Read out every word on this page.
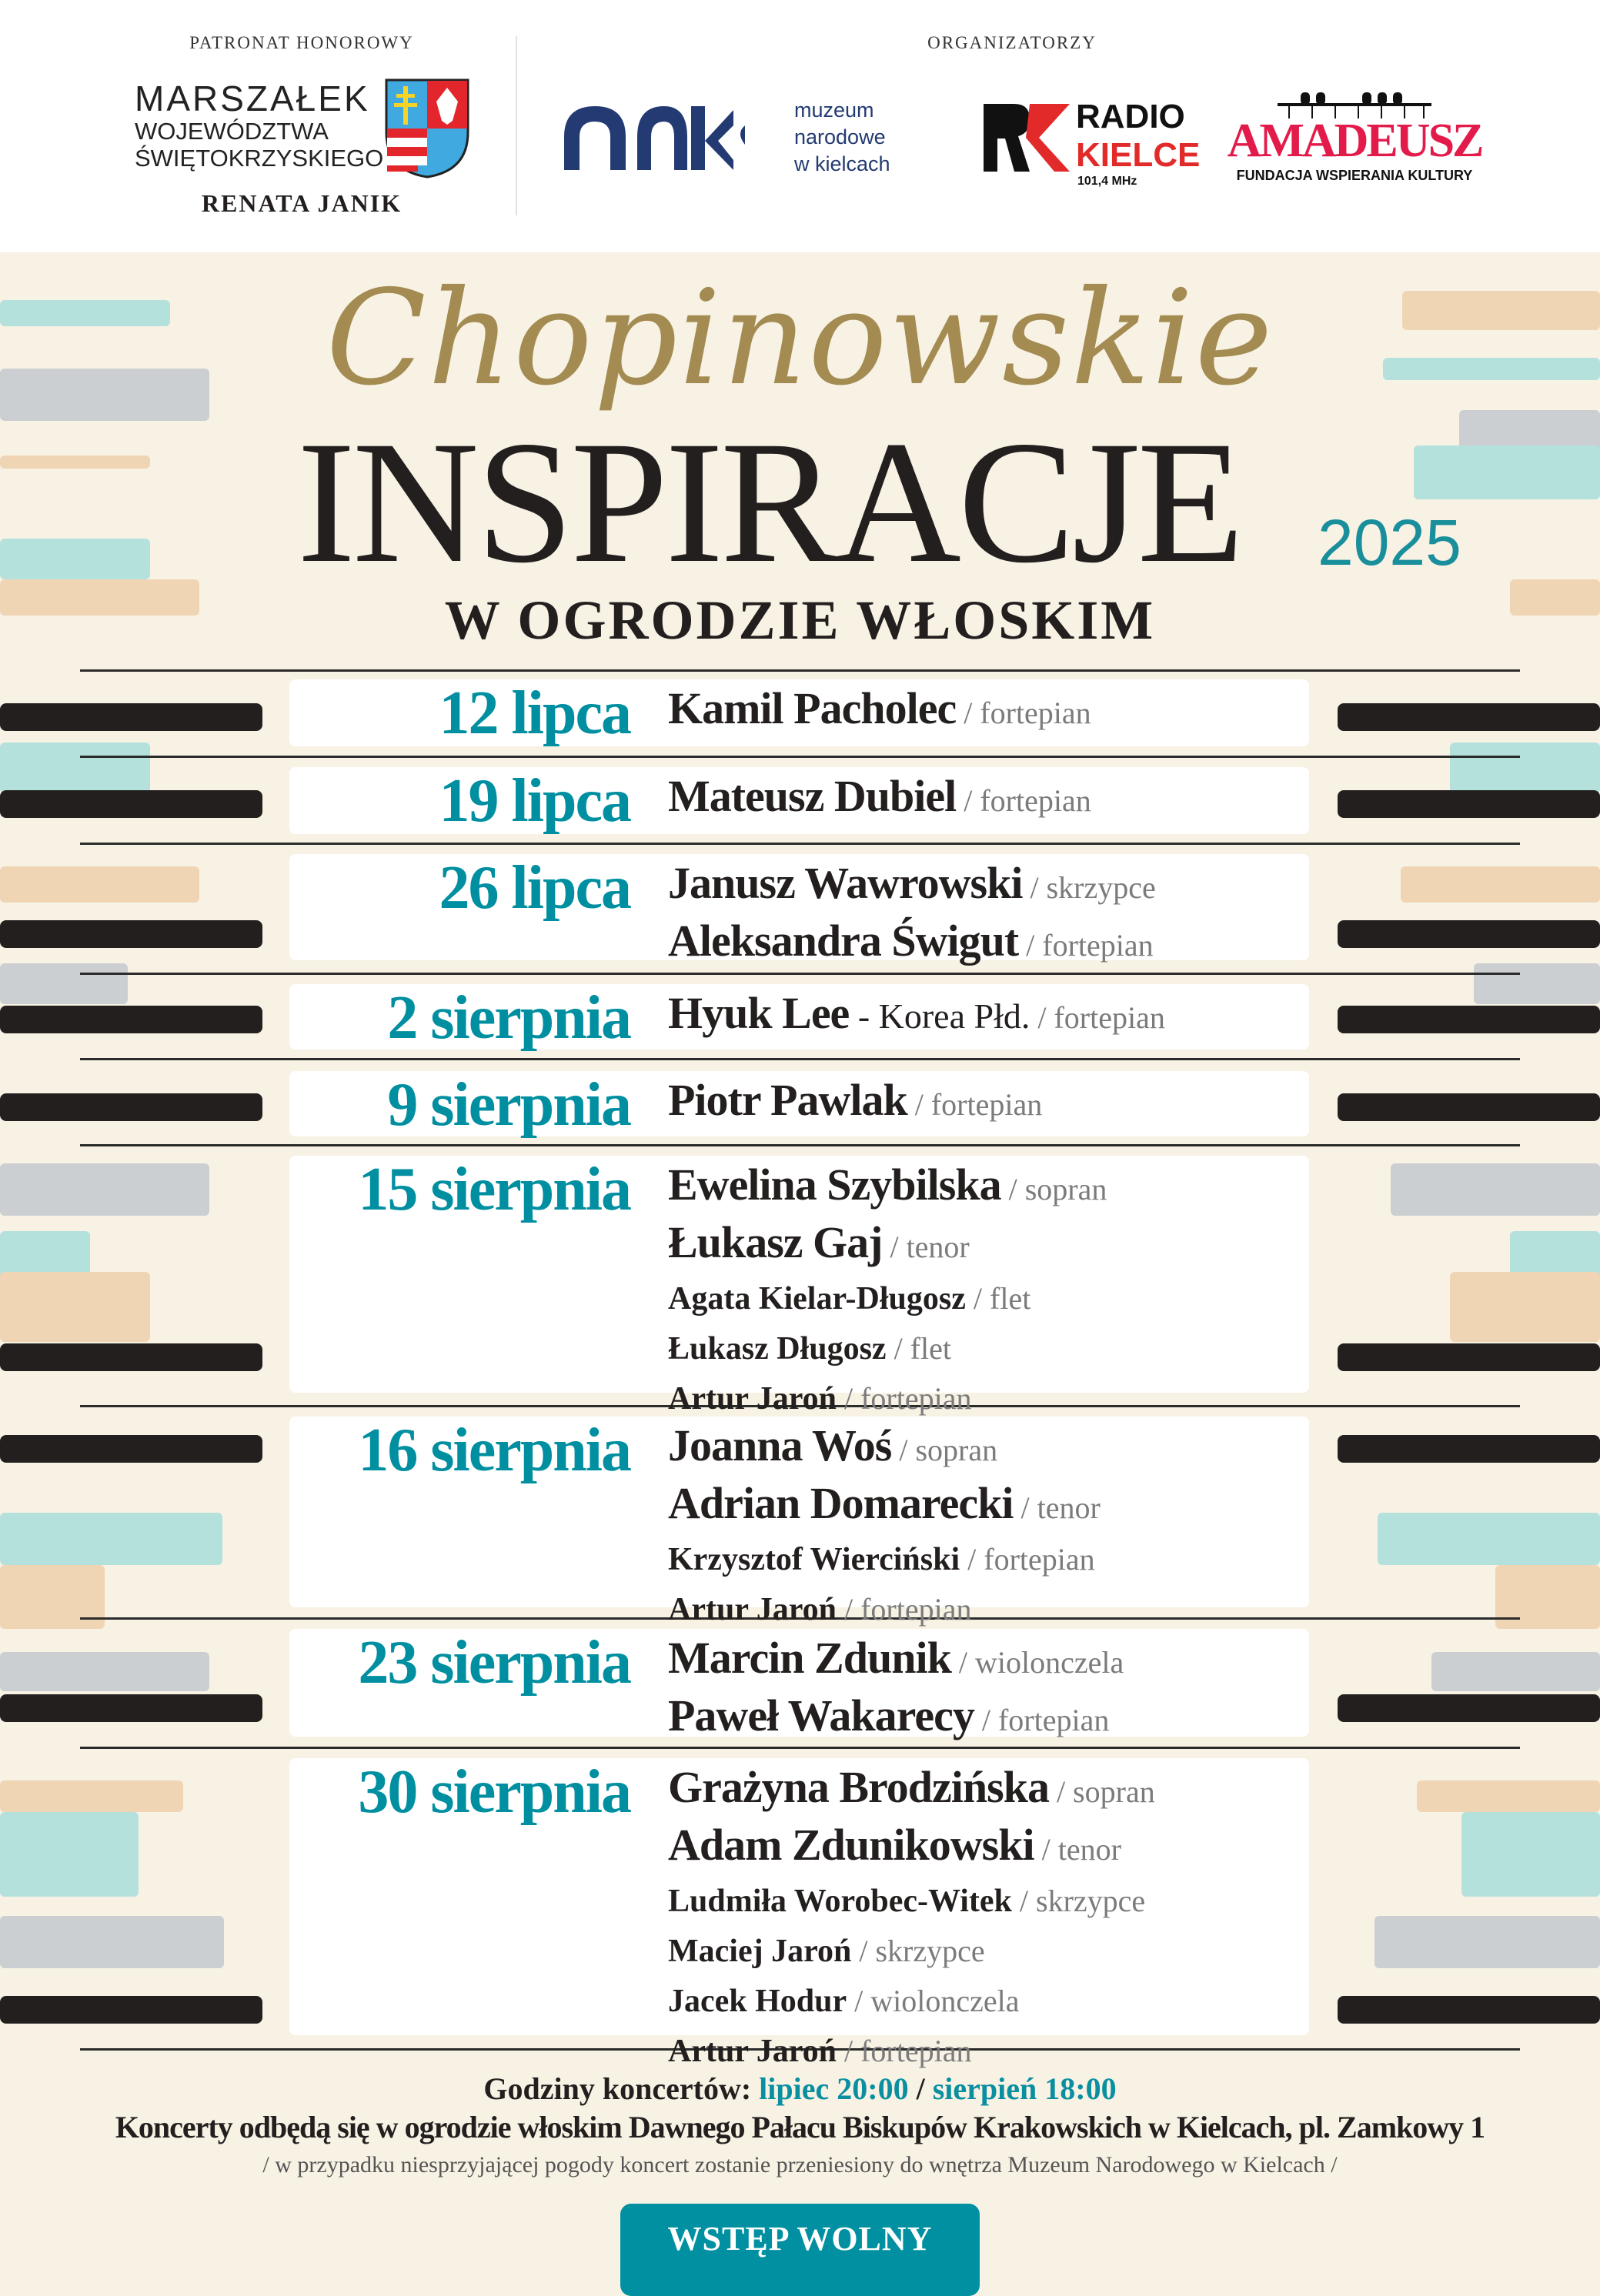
PATRONAT HONOROWY	ORGANIZATORZY
MARSZAŁEK
WOJEWÓDZTWA
ŚWIĘTOKRZYSKIEGO
RENATA JANIK
muzeum
narodowe
w kielcach
RADIO
KIELCE
101,4 MHz
AMADEUSZ
FUNDACJA WSPIERANIA KULTURY
Chopinowskie
INSPIRACJE 2025
W OGRODZIE WŁOSKIM
12 lipca Kamil Pacholec / fortepian
19 lipca Mateusz Dubiel / fortepian
26 lipca Janusz Wawrowski / skrzypce
Aleksandra Świgut / fortepian
2 sierpnia Hyuk Lee - Korea Płd. / fortepian
9 sierpnia Piotr Pawlak / fortepian
15 sierpnia Ewelina Szybilska / sopran
Łukasz Gaj / tenor
Agata Kielar-Długosz / flet
Łukasz Długosz / flet
Artur Jaroń / fortepian
16 sierpnia Joanna Woś / sopran
Adrian Domarecki / tenor
Krzysztof Wierciński / fortepian
Artur Jaroń / fortepian
23 sierpnia Marcin Zdunik / wiolonczela
Paweł Wakarecy / fortepian
30 sierpnia Grażyna Brodzińska / sopran
Adam Zdunikowski / tenor
Ludmiła Worobec-Witek / skrzypce
Maciej Jaroń / skrzypce
Jacek Hodur / wiolonczela
Artur Jaroń / fortepian
Godziny koncertów: lipiec 20:00 / sierpień 18:00
Koncerty odbędą się w ogrodzie włoskim Dawnego Pałacu Biskupów Krakowskich w Kielcach, pl. Zamkowy 1
/ w przypadku niesprzyjającej pogody koncert zostanie przeniesiony do wnętrza Muzeum Narodowego w Kielcach /
WSTĘP WOLNY
